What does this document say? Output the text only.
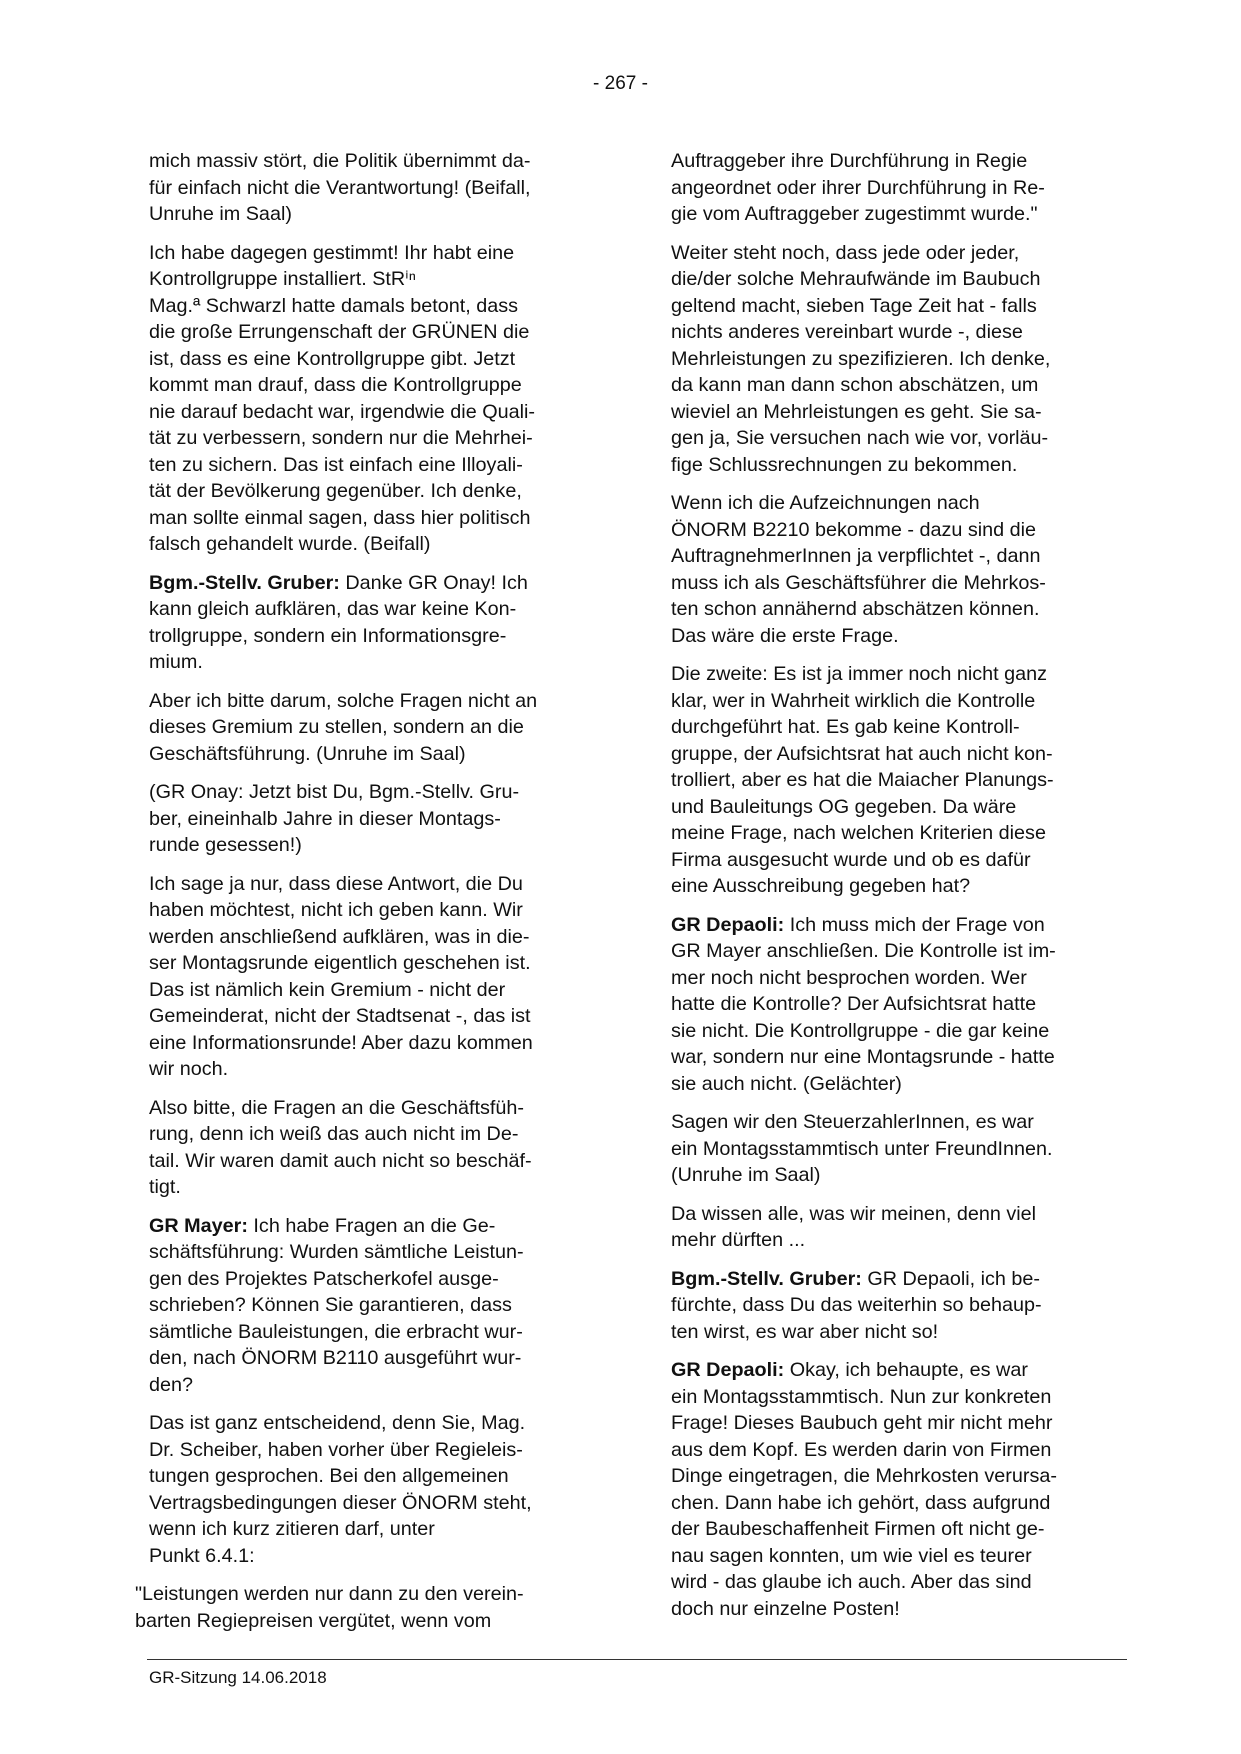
- 267 -

mich massiv stört, die Politik übernimmt da-
für einfach nicht die Verantwortung! (Beifall,
Unruhe im Saal)

Ich habe dagegen gestimmt! Ihr habt eine
Kontrollgruppe installiert. StRⁱⁿ
Mag.ª Schwarzl hatte damals betont, dass
die große Errungenschaft der GRÜNEN die
ist, dass es eine Kontrollgruppe gibt. Jetzt
kommt man drauf, dass die Kontrollgruppe
nie darauf bedacht war, irgendwie die Quali-
tät zu verbessern, sondern nur die Mehrhei-
ten zu sichern. Das ist einfach eine Illoyali-
tät der Bevölkerung gegenüber. Ich denke,
man sollte einmal sagen, dass hier politisch
falsch gehandelt wurde. (Beifall)

Bgm.-Stellv. Gruber: Danke GR Onay! Ich
kann gleich aufklären, das war keine Kon-
trollgruppe, sondern ein Informationsgre-
mium.

Aber ich bitte darum, solche Fragen nicht an
dieses Gremium zu stellen, sondern an die
Geschäftsführung. (Unruhe im Saal)

(GR Onay: Jetzt bist Du, Bgm.-Stellv. Gru-
ber, eineinhalb Jahre in dieser Montags-
runde gesessen!)

Ich sage ja nur, dass diese Antwort, die Du
haben möchtest, nicht ich geben kann. Wir
werden anschließend aufklären, was in die-
ser Montagsrunde eigentlich geschehen ist.
Das ist nämlich kein Gremium - nicht der
Gemeinderat, nicht der Stadtsenat -, das ist
eine Informationsrunde! Aber dazu kommen
wir noch.

Also bitte, die Fragen an die Geschäftsfüh-
rung, denn ich weiß das auch nicht im De-
tail. Wir waren damit auch nicht so beschäf-
tigt.

GR Mayer: Ich habe Fragen an die Ge-
schäftsführung: Wurden sämtliche Leistun-
gen des Projektes Patscherkofel ausge-
schrieben? Können Sie garantieren, dass
sämtliche Bauleistungen, die erbracht wur-
den, nach ÖNORM B2110 ausgeführt wur-
den?

Das ist ganz entscheidend, denn Sie, Mag.
Dr. Scheiber, haben vorher über Regieleis-
tungen gesprochen. Bei den allgemeinen
Vertragsbedingungen dieser ÖNORM steht,
wenn ich kurz zitieren darf, unter
Punkt 6.4.1:

"Leistungen werden nur dann zu den verein-
barten Regiepreisen vergütet, wenn vom

Auftraggeber ihre Durchführung in Regie
angeordnet oder ihrer Durchführung in Re-
gie vom Auftraggeber zugestimmt wurde."

Weiter steht noch, dass jede oder jeder,
die/der solche Mehraufwände im Baubuch
geltend macht, sieben Tage Zeit hat - falls
nichts anderes vereinbart wurde -, diese
Mehrleistungen zu spezifizieren. Ich denke,
da kann man dann schon abschätzen, um
wieviel an Mehrleistungen es geht. Sie sa-
gen ja, Sie versuchen nach wie vor, vorläu-
fige Schlussrechnungen zu bekommen.

Wenn ich die Aufzeichnungen nach
ÖNORM B2210 bekomme - dazu sind die
AuftragnehmerInnen ja verpflichtet -, dann
muss ich als Geschäftsführer die Mehrkos-
ten schon annähernd abschätzen können.
Das wäre die erste Frage.

Die zweite: Es ist ja immer noch nicht ganz
klar, wer in Wahrheit wirklich die Kontrolle
durchgeführt hat. Es gab keine Kontroll-
gruppe, der Aufsichtsrat hat auch nicht kon-
trolliert, aber es hat die Maiacher Planungs-
und Bauleitungs OG gegeben. Da wäre
meine Frage, nach welchen Kriterien diese
Firma ausgesucht wurde und ob es dafür
eine Ausschreibung gegeben hat?

GR Depaoli: Ich muss mich der Frage von
GR Mayer anschließen. Die Kontrolle ist im-
mer noch nicht besprochen worden. Wer
hatte die Kontrolle? Der Aufsichtsrat hatte
sie nicht. Die Kontrollgruppe - die gar keine
war, sondern nur eine Montagsrunde - hatte
sie auch nicht. (Gelächter)

Sagen wir den SteuerzahlerInnen, es war
ein Montagsstammtisch unter FreundInnen.
(Unruhe im Saal)

Da wissen alle, was wir meinen, denn viel
mehr dürften ...

Bgm.-Stellv. Gruber: GR Depaoli, ich be-
fürchte, dass Du das weiterhin so behaup-
ten wirst, es war aber nicht so!

GR Depaoli: Okay, ich behaupte, es war
ein Montagsstammtisch. Nun zur konkreten
Frage! Dieses Baubuch geht mir nicht mehr
aus dem Kopf. Es werden darin von Firmen
Dinge eingetragen, die Mehrkosten verursa-
chen. Dann habe ich gehört, dass aufgrund
der Baubeschaffenheit Firmen oft nicht ge-
nau sagen konnten, um wie viel es teurer
wird - das glaube ich auch. Aber das sind
doch nur einzelne Posten!

GR-Sitzung 14.06.2018
